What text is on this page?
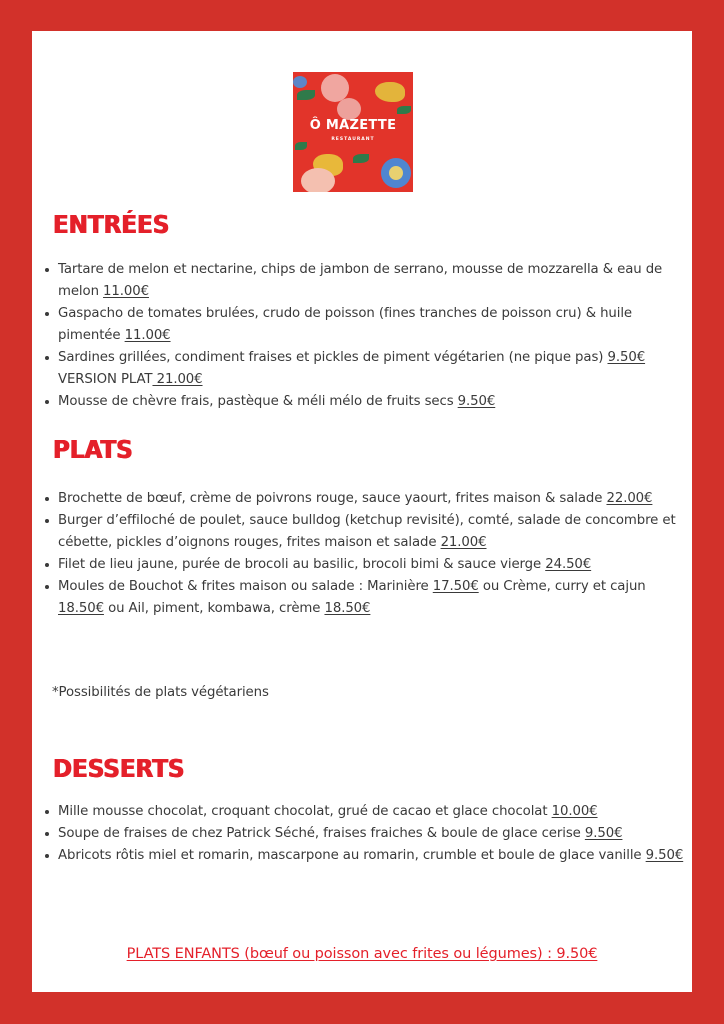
Ô MAZETTE
RESTAURANT
ENTRÉES
Tartare de melon et nectarine, chips de jambon de serrano, mousse de mozzarella & eau de melon 11.00€
Gaspacho de tomates brulées, crudo de poisson (fines tranches de poisson cru) & huile pimentée 11.00€
Sardines grillées, condiment fraises et pickles de piment végétarien (ne pique pas) 9.50€ VERSION PLAT 21.00€
Mousse de chèvre frais, pastèque & méli mélo de fruits secs 9.50€
PLATS
Brochette de bœuf, crème de poivrons rouge, sauce yaourt, frites maison & salade 22.00€
Burger d’effiloché de poulet, sauce bulldog (ketchup revisité), comté, salade de concombre et cébette, pickles d’oignons rouges, frites maison et salade 21.00€
Filet de lieu jaune, purée de brocoli au basilic, brocoli bimi & sauce vierge 24.50€
Moules de Bouchot & frites maison ou salade : Marinière 17.50€ ou Crème, curry et cajun 18.50€ ou Ail, piment, kombawa, crème 18.50€
*Possibilités de plats végétariens
DESSERTS
Mille mousse chocolat, croquant chocolat, grué de cacao et glace chocolat 10.00€
Soupe de fraises de chez Patrick Séché, fraises fraiches & boule de glace cerise 9.50€
Abricots rôtis miel et romarin, mascarpone au romarin, crumble et boule de glace vanille 9.50€
PLATS ENFANTS (bœuf ou poisson avec frites ou légumes) : 9.50€
